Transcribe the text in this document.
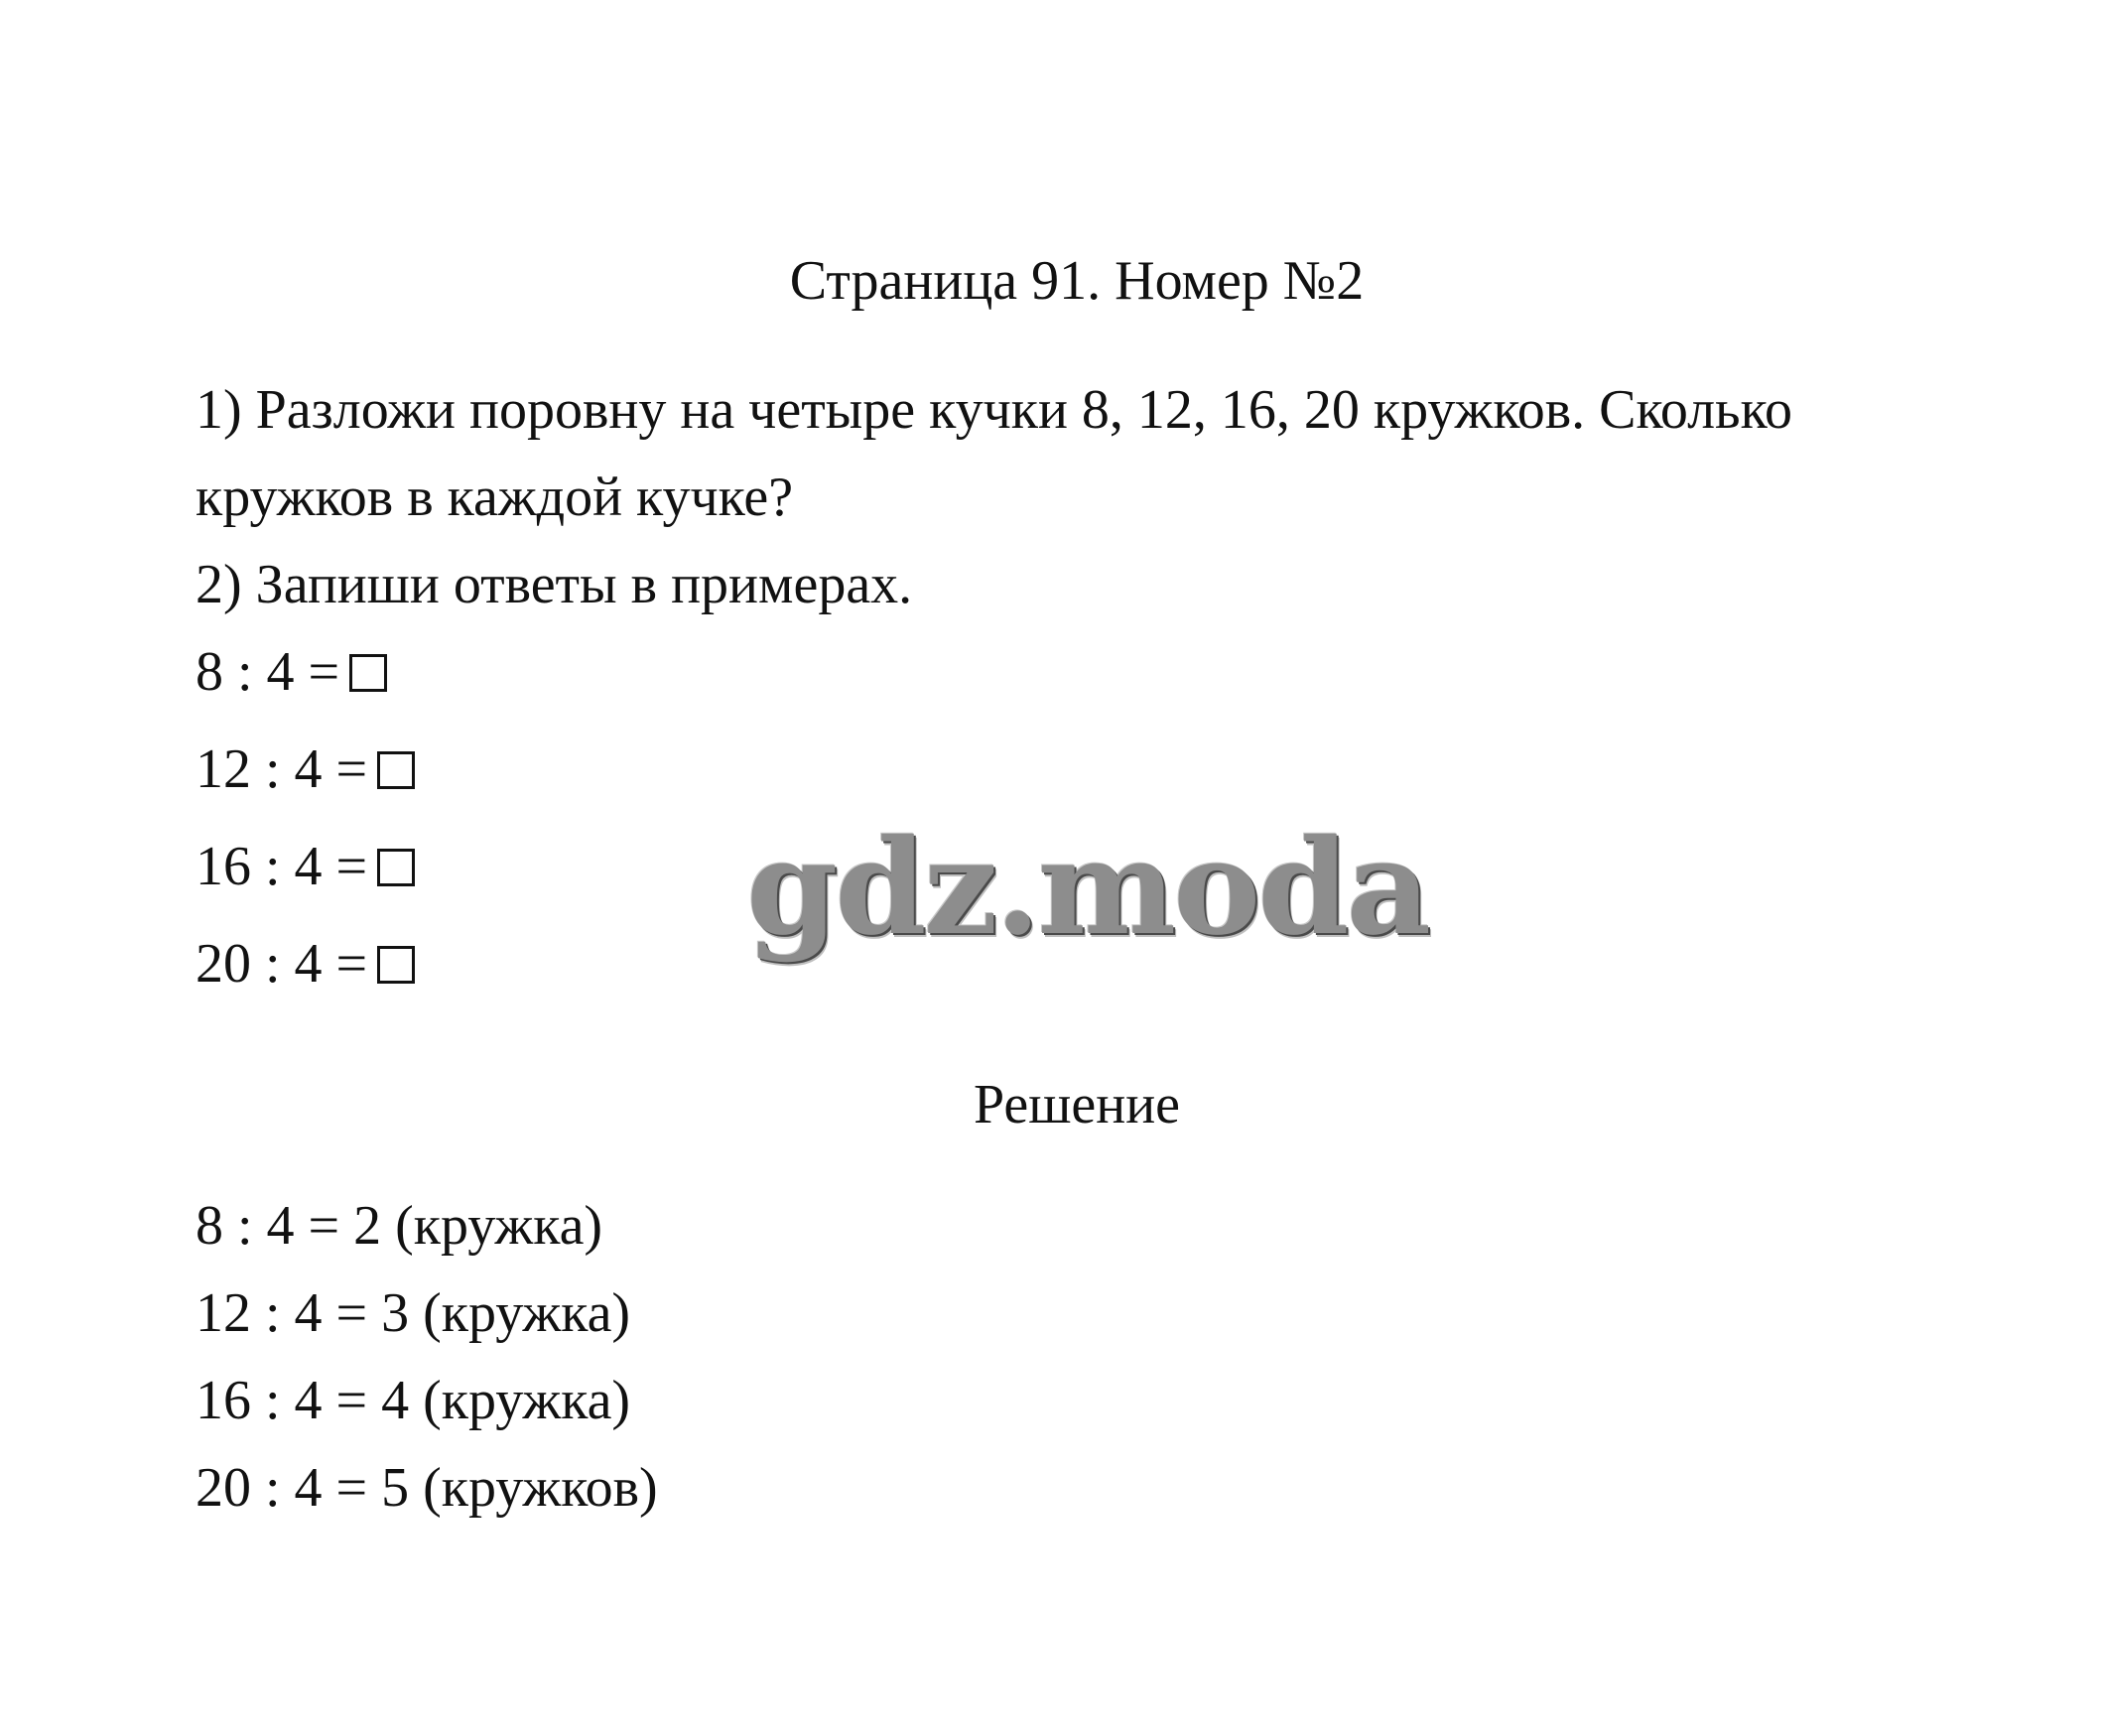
Страница 91. Номер №2
1) Разложи поровну на четыре кучки 8, 12, 16, 20 кружков. Сколько
кружков в каждой кучке?
2) Запиши ответы в примерах.
8 : 4 =
12 : 4 =
16 : 4 =
20 : 4 =	gdz.moda
Решение
8 : 4 = 2 (кружка)
12 : 4 = 3 (кружка)
16 : 4 = 4 (кружка)
20 : 4 = 5 (кружков)
